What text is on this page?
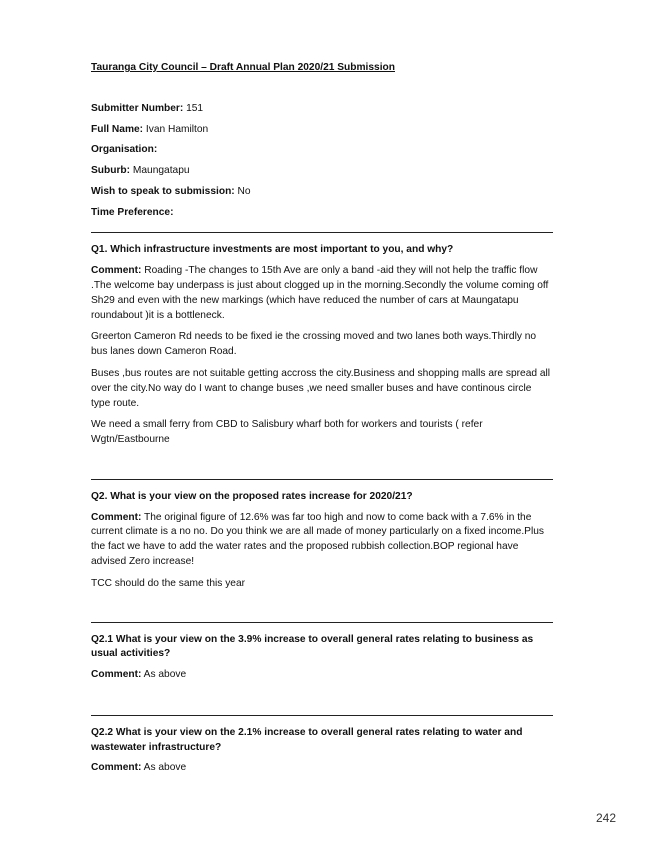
Tauranga City Council – Draft Annual Plan 2020/21 Submission

Submitter Number: 151
Full Name: Ivan Hamilton
Organisation:
Suburb: Maungatapu
Wish to speak to submission: No
Time Preference:
Q1. Which infrastructure investments are most important to you, and why?

Comment: Roading -The changes to 15th Ave are only a band -aid they will not help the traffic flow .The welcome bay underpass is just about clogged up in the morning.Secondly the volume coming off Sh29 and even with the new markings (which have reduced the number of cars at Maungatapu roundabout )it is a bottleneck.

Greerton Cameron Rd needs to be fixed ie the crossing moved and two lanes both ways.Thirdly no bus lanes down Cameron Road.

Buses ,bus routes are not suitable getting accross the city.Business and shopping malls are spread all over the city.No way do I want to change buses ,we need smaller buses and have continous circle type route.

We need a small ferry from CBD to Salisbury wharf both for workers and tourists ( refer Wgtn/Eastbourne

Q2. What is your view on the proposed rates increase for 2020/21?

Comment: The original figure of 12.6% was far too high and now to come back with a 7.6% in the current climate is a no no. Do you think we are all made of money particularly on a fixed income.Plus the fact we have to add the water rates and the proposed rubbish collection.BOP regional have advised Zero increase!

TCC should do the same this year

Q2.1 What is your view on the 3.9% increase to overall general rates relating to business as usual activities?

Comment: As above

Q2.2 What is your view on the 2.1% increase to overall general rates relating to water and wastewater infrastructure?

Comment: As above

242
